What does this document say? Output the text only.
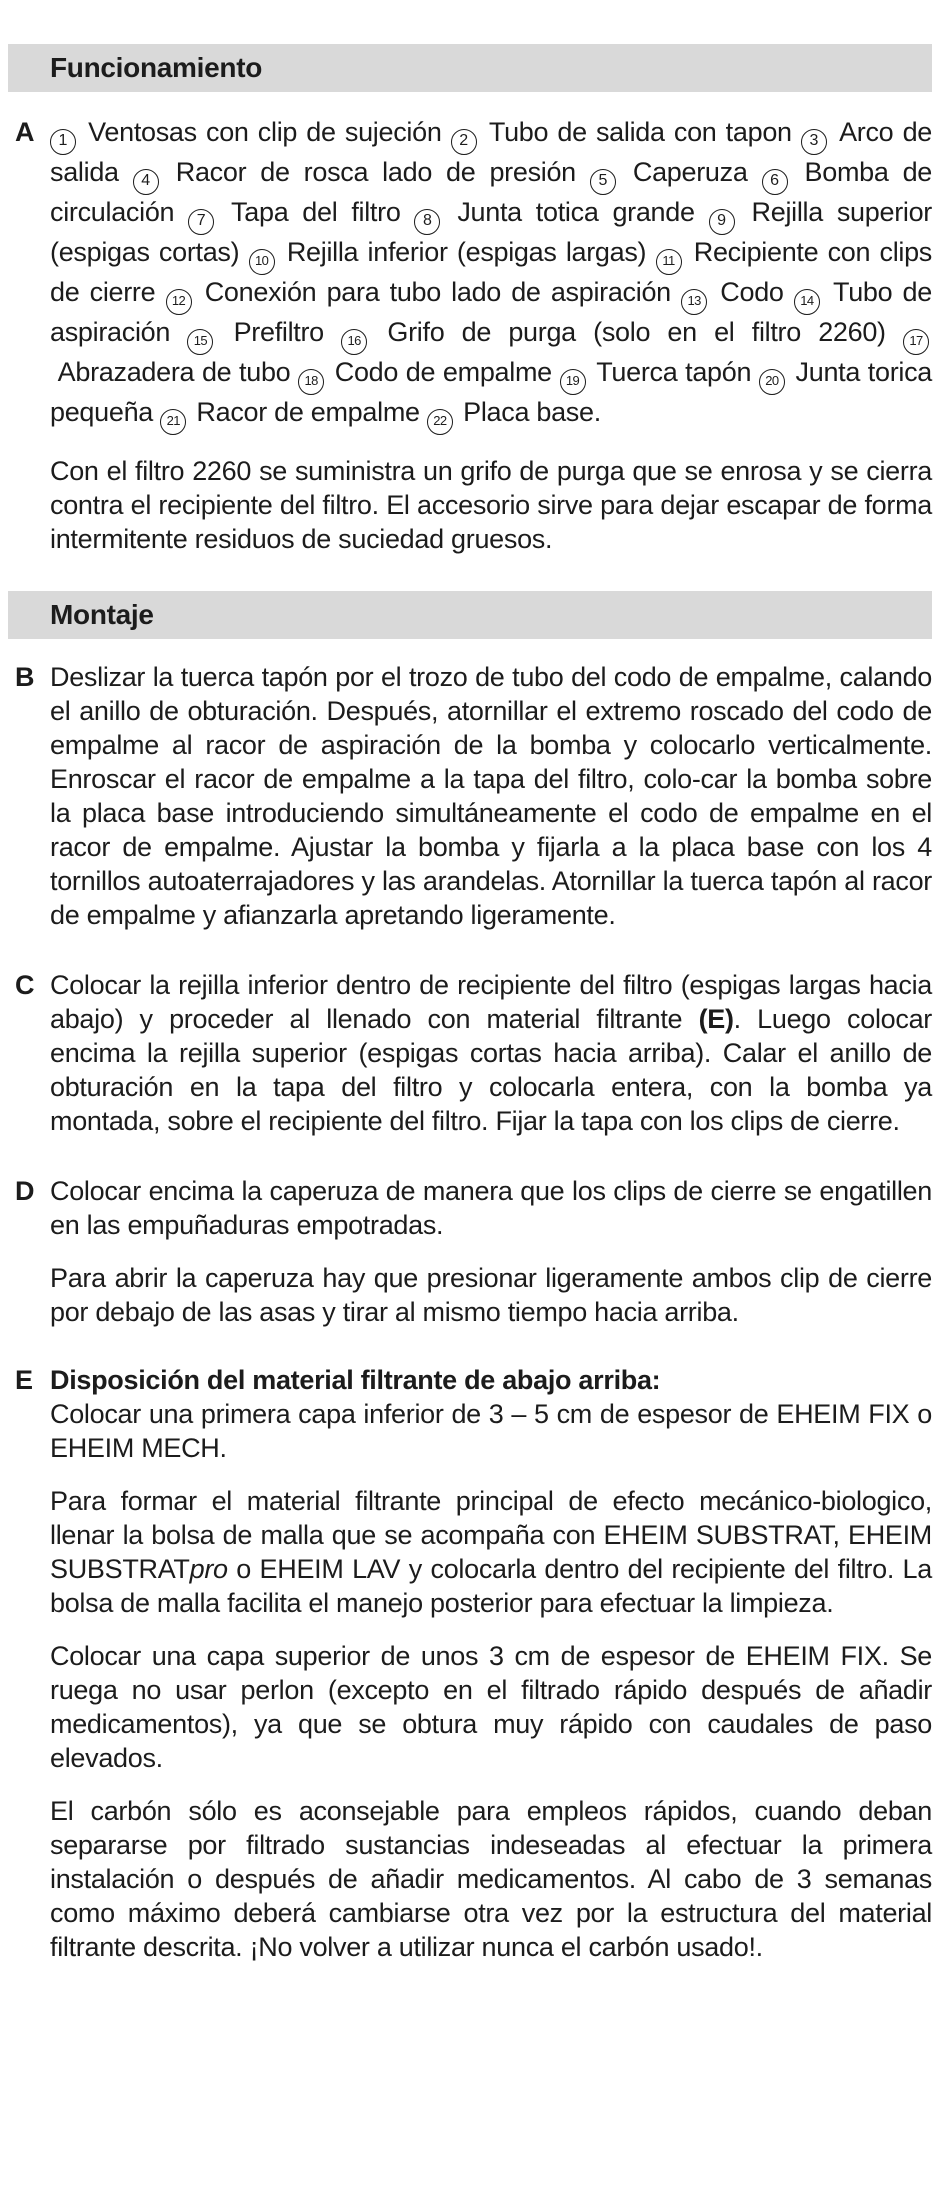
Funcionamiento
A	1 Ventosas con clip de sujeción 2 Tubo de salida con tapon 3 Arco de salida 4 Racor de rosca lado de presión 5 Caperuza 6 Bomba de circulación 7 Tapa del filtro 8 Junta totica grande 9 Rejilla superior (espigas cortas) 10 Rejilla inferior (espigas largas) 11 Recipiente con clips de cierre 12 Conexión para tubo lado de aspiración 13 Codo 14 Tubo de aspiración 15 Prefiltro 16 Grifo de purga (solo en el filtro 2260) 17 Abrazadera de tubo 18 Codo de empalme 19 Tuerca tapón 20 Junta torica pequeña 21 Racor de empalme 22 Placa base.

Con el filtro 2260 se suministra un grifo de purga que se enrosa y se cierra contra el recipiente del filtro. El accesorio sirve para dejar escapar de forma intermitente residuos de suciedad gruesos.

Montaje
B Deslizar la tuerca tapón por el trozo de tubo del codo de empalme, calando el anillo de obturación. Después, atornillar el extremo roscado del codo de empalme al racor de aspiración de la bomba y colocarlo verticalmente. Enroscar el racor de empalme a la tapa del filtro, colo-car la bomba sobre la placa base introduciendo simultáneamente el codo de empalme en el racor de empalme. Ajustar la bomba y fijarla a la placa base con los 4 tornillos autoaterrajadores y las arandelas. Atornillar la tuerca tapón al racor de empalme y afianzarla apretando ligeramente.

C Colocar la rejilla inferior dentro de recipiente del filtro (espigas largas hacia abajo) y proceder al llenado con material filtrante (E). Luego colocar encima la rejilla superior (espigas cortas hacia arriba). Calar el anillo de obturación en la tapa del filtro y colocarla entera, con la bomba ya montada, sobre el recipiente del filtro. Fijar la tapa con los clips de cierre.

D Colocar encima la caperuza de manera que los clips de cierre se engatillen en las empuñaduras empotradas.

Para abrir la caperuza hay que presionar ligeramente ambos clip de cierre por debajo de las asas y tirar al mismo tiempo hacia arriba.

E Disposición del material filtrante de abajo arriba:

Colocar una primera capa inferior de 3 – 5 cm de espesor de EHEIM FIX o EHEIM MECH.

Para formar el material filtrante principal de efecto mecánico-biologico, llenar la bolsa de malla que se acompaña con EHEIM SUBSTRAT, EHEIM SUBSTRATpro o EHEIM LAV y colocarla dentro del recipiente del filtro. La bolsa de malla facilita el manejo posterior para efectuar la limpieza.

Colocar una capa superior de unos 3 cm de espesor de EHEIM FIX. Se ruega no usar perlon (excepto en el filtrado rápido después de añadir medicamentos), ya que se obtura muy rápido con caudales de paso elevados.

El carbón sólo es aconsejable para empleos rápidos, cuando deban separarse por filtrado sustancias indeseadas al efectuar la primera instalación o después de añadir medicamentos. Al cabo de 3 semanas como máximo deberá cambiarse otra vez por la estructura del material filtrante descrita. ¡No volver a utilizar nunca el carbón usado!.
